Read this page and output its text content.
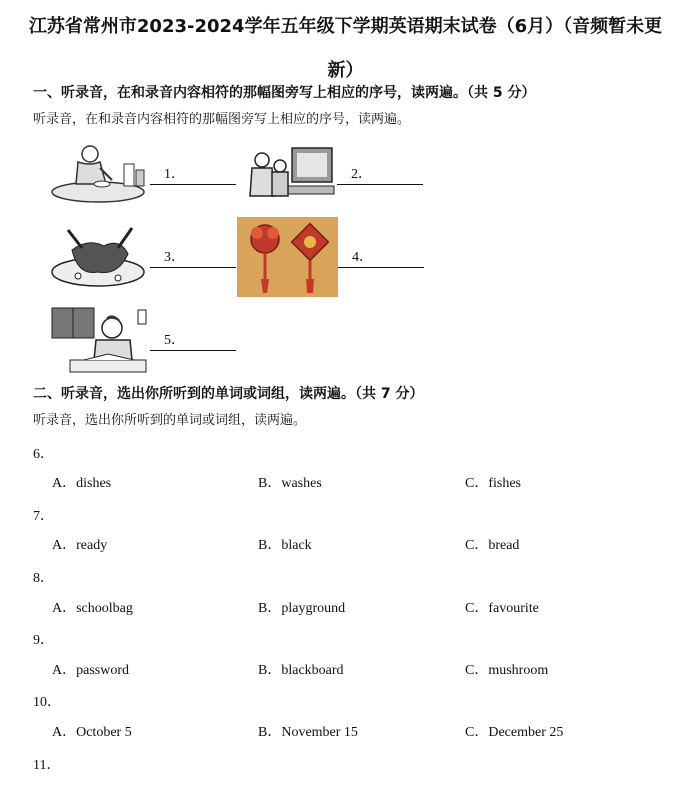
江苏省常州市2023-2024学年五年级下学期英语期末试卷（6月）（音频暂未更
新）
一、听录音，在和录音内容相符的那幅图旁写上相应的序号，读两遍。（共 5 分）
听录音，在和录音内容相符的那幅图旁写上相应的序号，读两遍。
1．	2．
3．	4．
5．
二、听录音，选出你所听到的单词或词组，读两遍。（共 7 分）
听录音，选出你所听到的单词或词组，读两遍。
6．
A．dishes	B．washes	C．fishes
7．
A．ready	B．black	C．bread
8．
A．schoolbag	B．playground	C．favourite
9．
A．password	B．blackboard	C．mushroom
10．
A．October 5	B．November 15	C．December 25
11．
